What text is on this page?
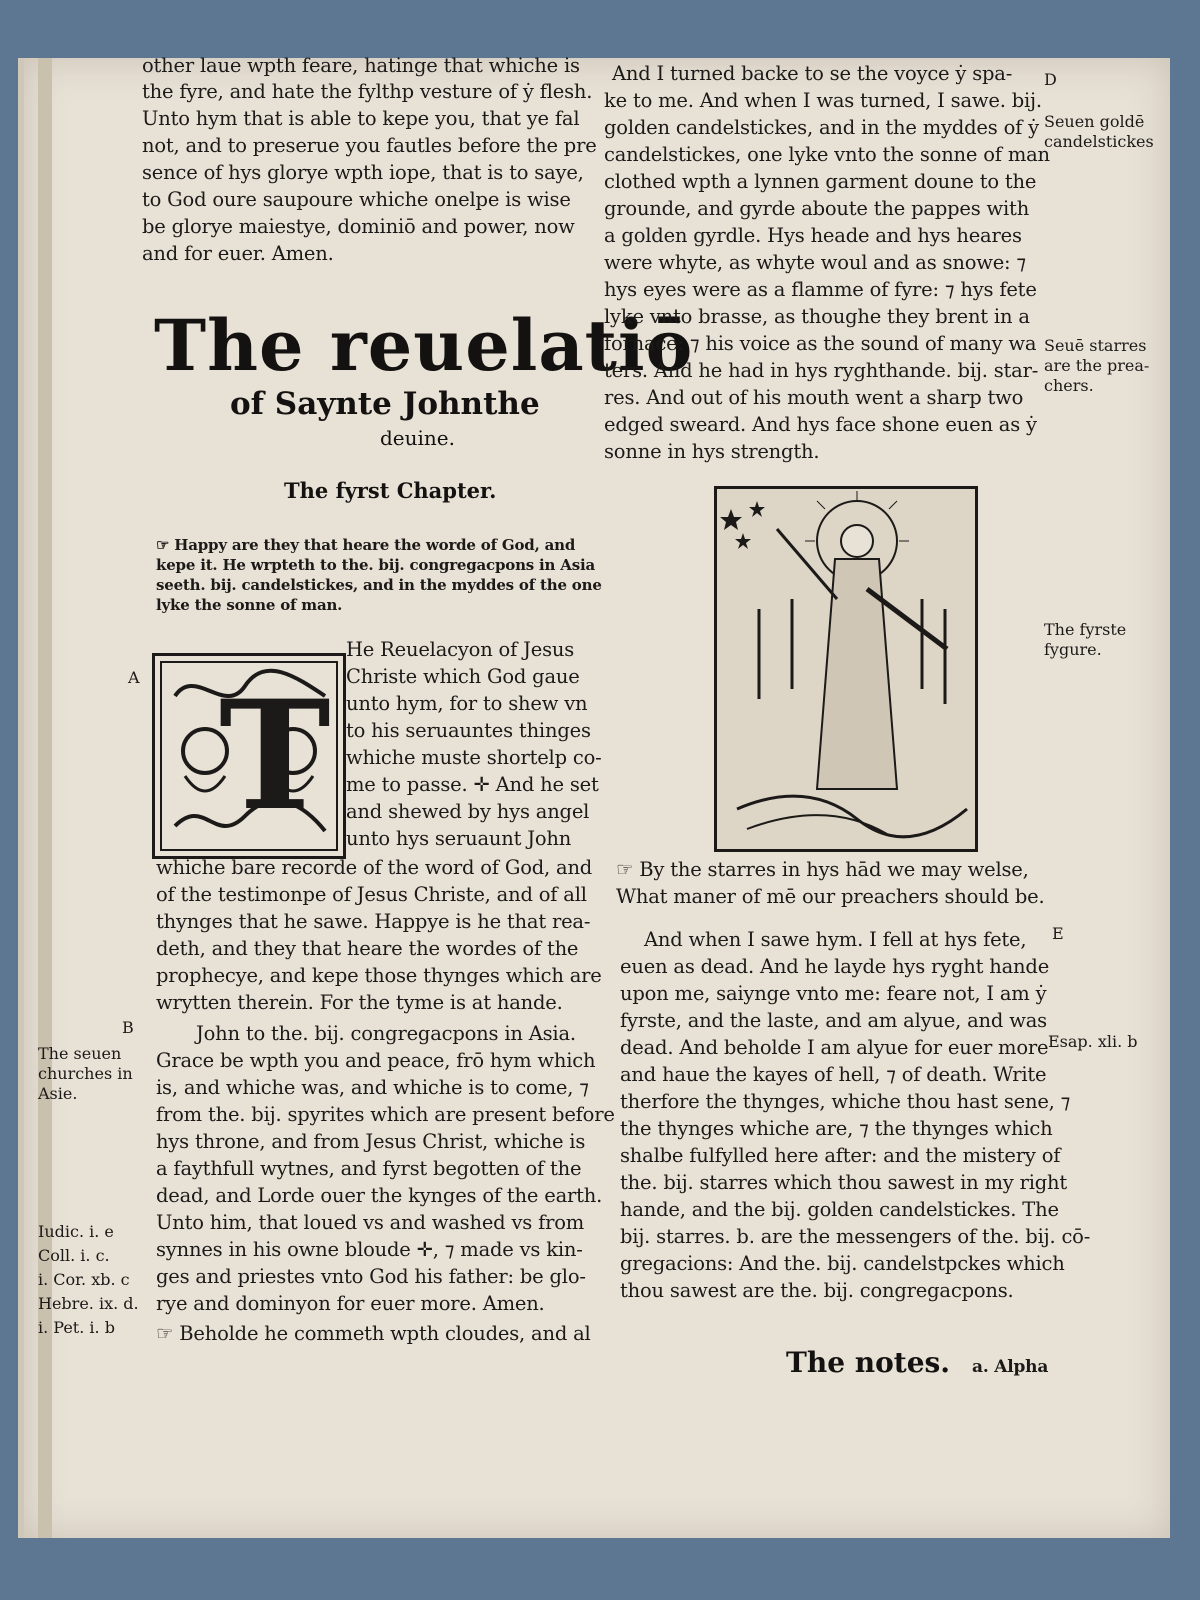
other laue wpth feare, hatinge that whiche is
the fyre, and hate the fylthp vesture of ẏ flesh.
Unto hym that is able to kepe you, that ye fal
not, and to preserue you fautles before the pre
sence of hys glorye wpth iope, that is to saye,
to God oure saupoure whiche onelpe is wise
be glorye maiestye, dominiō and power, now
and for euer. Amen.
The reuelatiō
of Saynte Johnthe
deuine.
The fyrst Chapter.
☞ Happy are they that heare the worde of God, and
kepe it. He wrpteth to the. bij. congregacpons in Asia
seeth. bij. candelstickes, and in the myddes of the one
lyke the sonne of man.
T
He Reuelacyon of Jesus
Christe which God gaue
unto hym, for to shew vn
to his seruauntes thinges
whiche muste shortelp co-
me to passe. ✛ And he set
and shewed by hys angel
unto hys seruaunt John
whiche bare recorde of the word of God, and
of the testimonpe of Jesus Christe, and of all
thynges that he sawe. Happye is he that rea-
deth, and they that heare the wordes of the
prophecye, and kepe those thynges which are
wrytten therein. For the tyme is at hande.
John to the. bij. congregacpons in Asia.
Grace be wpth you and peace, frō hym which
is, and whiche was, and whiche is to come, ⁊
from the. bij. spyrites which are present before
hys throne, and from Jesus Christ, whiche is
a faythfull wytnes, and fyrst begotten of the
dead, and Lorde ouer the kynges of the earth.
Unto him, that loued vs and washed vs from
synnes in his owne bloude ✛, ⁊ made vs kin-
ges and priestes vnto God his father: be glo-
rye and dominyon for euer more. Amen.
☞ Beholde he commeth wpth cloudes, and al
And I turned backe to se the voyce ẏ spa-
ke to me. And when I was turned, I sawe. bij.
golden candelstickes, and in the myddes of ẏ
candelstickes, one lyke vnto the sonne of man
clothed wpth a lynnen garment doune to the
grounde, and gyrde aboute the pappes with
a golden gyrdle. Hys heade and hys heares
were whyte, as whyte woul and as snowe: ⁊
hys eyes were as a flamme of fyre: ⁊ hys fete
lyke vnto brasse, as thoughe they brent in a
fornace: ⁊ his voice as the sound of many wa
ters. And he had in hys ryghthande. bij. star-
res. And out of his mouth went a sharp two
edged sweard. And hys face shone euen as ẏ
sonne in hys strength.
☞ By the starres in hys hād we may welse,
What maner of mē our preachers should be.
And when I sawe hym. I fell at hys fete,
euen as dead. And he layde hys ryght hande
upon me, saiynge vnto me: feare not, I am ẏ
fyrste, and the laste, and am alyue, and was
dead. And beholde I am alyue for euer more
and haue the kayes of hell, ⁊ of death. Write
therfore the thynges, whiche thou hast sene, ⁊
the thynges whiche are, ⁊ the thynges which
shalbe fulfylled here after: and the mistery of
the. bij. starres which thou sawest in my right
hande, and the bij. golden candelstickes. The
bij. starres. b. are the messengers of the. bij. cō-
gregacions: And the. bij. candelstpckes which
thou sawest are the. bij. congregacpons.
The notes. a. Alpha
D
Seuen goldē
candelstickes
Seuē starres
are the prea-
chers.
The fyrste
fygure.
E
Esap. xli. b
A
B
The seuen
churches in
Asie.
Iudic. i. e
Coll. i. c.
i. Cor. xb. c
Hebre. ix. d.
i. Pet. i. b
